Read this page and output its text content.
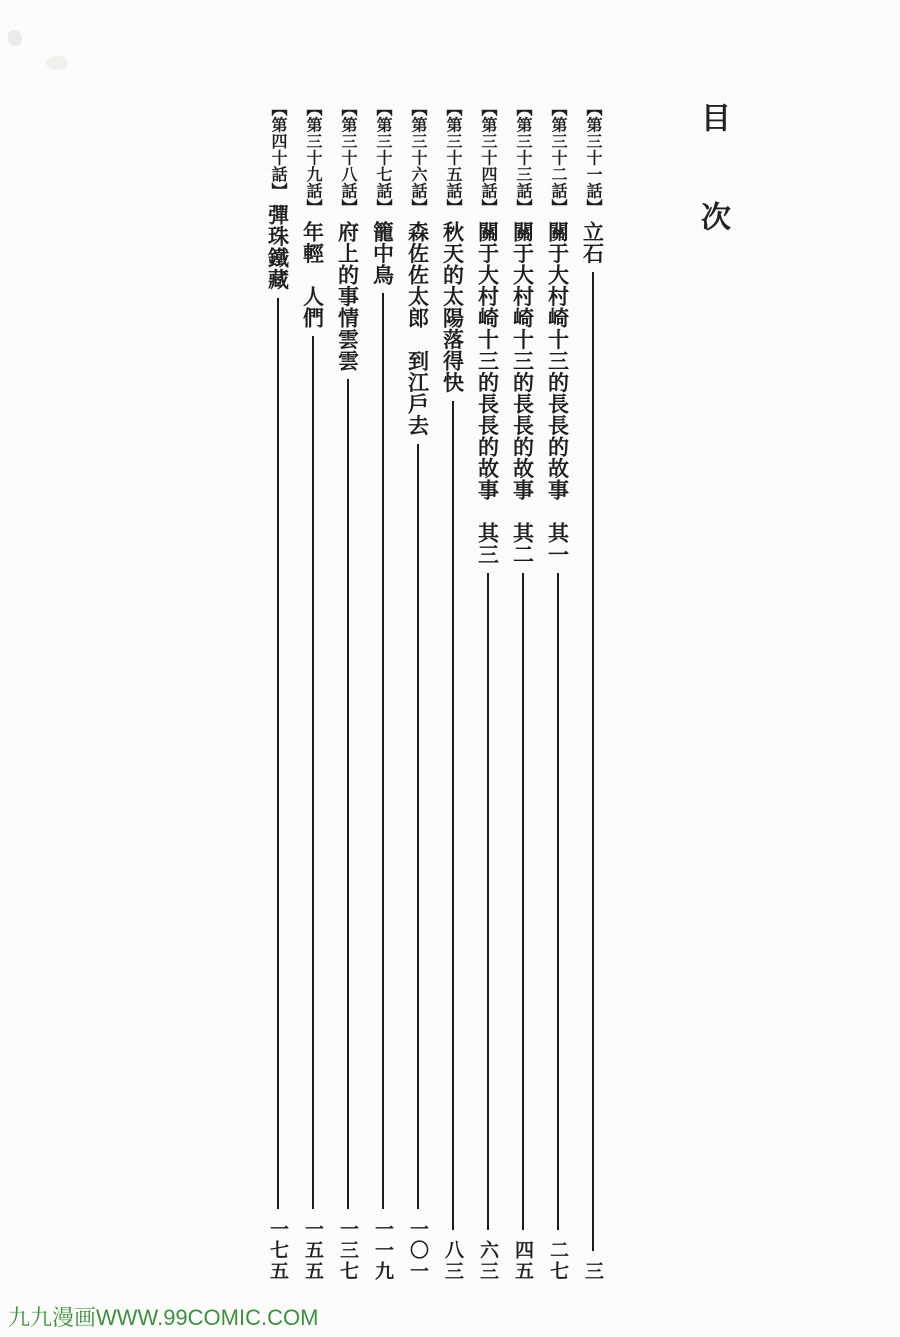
目　次
【第三十一話】
立石
三
【第三十二話】
關于大村崎十三的長長的故事　其一
二七
【第三十三話】
關于大村崎十三的長長的故事　其二
四五
【第三十四話】
關于大村崎十三的長長的故事　其三
六三
【第三十五話】
秋天的太陽落得快
八三
【第三十六話】
森佐佐太郎　到江戶去
一〇一
【第三十七話】
籠中鳥
一一九
【第三十八話】
府上的事情雲雲
一三七
【第三十九話】
年輕　人們
一五五
【第四十話】
彈珠鐵藏
一七五
九九漫画WWW.99COMIC.COM
